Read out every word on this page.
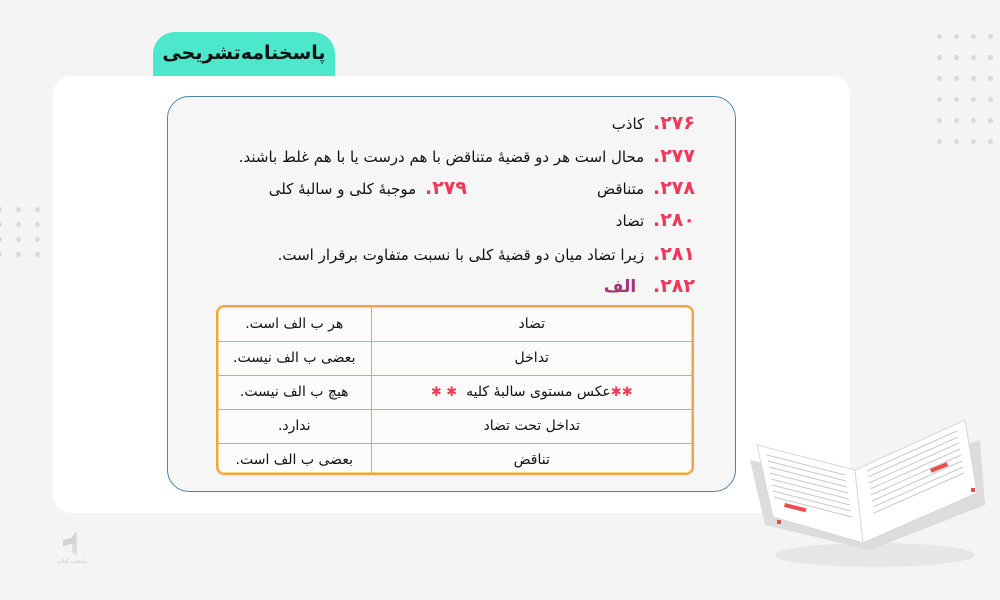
پاسخنامه‌تشریحی
۲۷۶. کاذب
۲۷۷. محال است هر دو قضیهٔ متناقض با هم درست یا با هم غلط باشند.
۲۷۸. متناقض
۲۷۹. موجبهٔ کلی و سالبهٔ کلی
۲۸۰. تضاد
۲۸۱. زیرا تضاد میان دو قضیهٔ کلی با نسبت متفاوت برقرار است.
۲۸۲. الف
تضاد	هر ب الف است.
تداخل	بعضی ب الف نیست.
✱✱عکس مستوی سالبهٔ کلیه  ✱ ✱	هیچ ب الف نیست.
تداخل تحت تضاد	ندارد.
تناقض	بعضی ب الف است.
پایتخت کتاب
